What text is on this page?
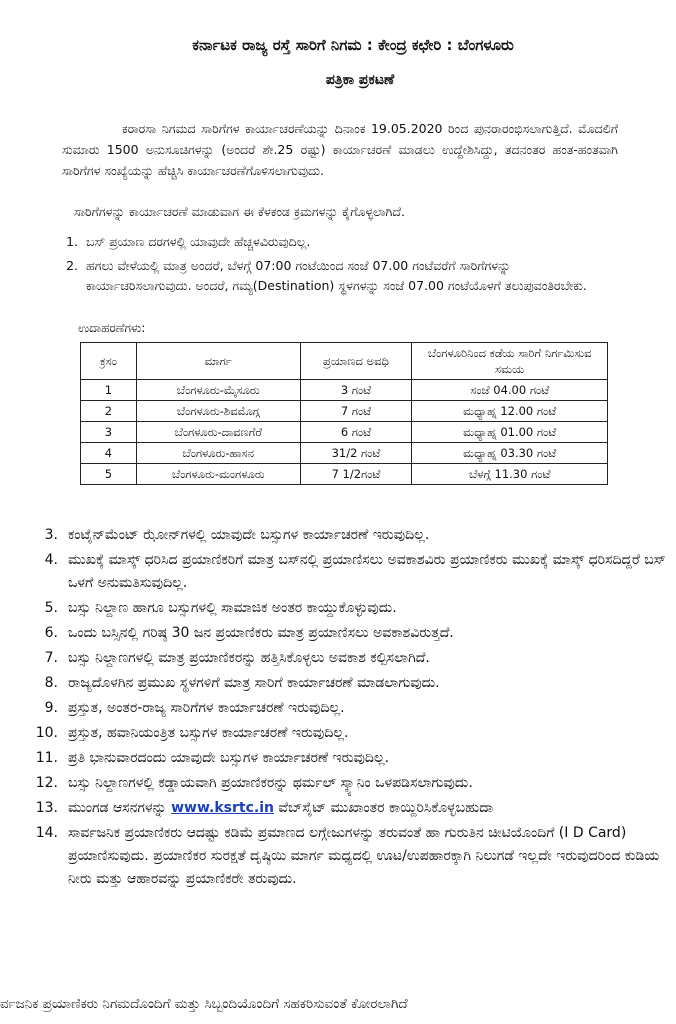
ಕರ್ನಾಟಕ ರಾಜ್ಯ ರಸ್ತೆ ಸಾರಿಗೆ ನಿಗಮ : ಕೇಂದ್ರ ಕಛೇರಿ : ಬೆಂಗಳೂರು
ಪತ್ರಿಕಾ ಪ್ರಕಟಣೆ
ಕರಾರಸಾ ನಿಗಮದ ಸಾರಿಗೆಗಳ ಕಾರ್ಯಾಚರಣೆಯನ್ನು ದಿನಾಂಕ 19.05.2020 ರಿಂದ ಪುನರಾರಂಭಿಸಲಾಗುತ್ತಿದೆ. ಮೊದಲಿಗೆ ಸುಮಾರು 1500 ಅನುಸೂಚಿಗಳನ್ನು (ಅಂದರೆ ಶೇ.25 ರಷ್ಟು) ಕಾರ್ಯಾಚರಣೆ ಮಾಡಲು ಉದ್ದೇಶಿಸಿದ್ದು, ತದನಂತರ ಹಂತ-ಹಂತವಾಗಿ ಸಾರಿಗೆಗಳ ಸಂಖ್ಯೆಯನ್ನು ಹೆಚ್ಚಿಸಿ ಕಾರ್ಯಾಚರಣೆಗೊಳಿಸಲಾಗುವುದು.
ಸಾರಿಗೆಗಳನ್ನು ಕಾರ್ಯಾಚರಣೆ ಮಾಡುವಾಗ ಈ ಕೆಳಕಂಡ ಕ್ರಮಗಳನ್ನು ಕೈಗೊಳ್ಳಲಾಗಿದೆ.
1. ಬಸ್ ಪ್ರಯಾಣ ದರಗಳಲ್ಲಿ ಯಾವುದೇ ಹೆಚ್ಚಳವಿರುವುದಿಲ್ಲ.
2. ಹಗಲು ವೇಳೆಯಲ್ಲಿ ಮಾತ್ರ ಅಂದರೆ, ಬೆಳಗ್ಗೆ 07:00 ಗಂಟೆಯಿಂದ ಸಂಜೆ 07.00 ಗಂಟೆವರೆಗೆ ಸಾರಿಗೆಗಳನ್ನು ಕಾರ್ಯಾಚರಿಸಲಾಗುವುದು. ಅಂದರೆ, ಗಮ್ಯ(Destination) ಸ್ಥಳಗಳನ್ನು ಸಂಜೆ 07.00 ಗಂಟೆಯೊಳಗೆ ತಲುಪುವಂತಿರಬೇಕು.
ಉದಾಹರಣೆಗಳು:
ಕ್ರಸಂ	ಮಾರ್ಗ	ಪ್ರಯಾಣದ ಅವಧಿ	ಬೆಂಗಳೂರಿನಿಂದ ಕಡೆಯ ಸಾರಿಗೆ ನಿರ್ಗಮಿಸುವ ಸಮಯ
1	ಬೆಂಗಳೂರು-ಮೈಸೂರು	3 ಗಂಟೆ	ಸಂಜೆ 04.00 ಗಂಟೆ
2	ಬೆಂಗಳೂರು-ಶಿವಮೊಗ್ಗ	7 ಗಂಟೆ	ಮಧ್ಯಾಹ್ನ 12.00 ಗಂಟೆ
3	ಬೆಂಗಳೂರು-ದಾವಣಗೆರೆ	6 ಗಂಟೆ	ಮಧ್ಯಾಹ್ನ 01.00 ಗಂಟೆ
4	ಬೆಂಗಳೂರು-ಹಾಸನ	31/2 ಗಂಟೆ	ಮಧ್ಯಾಹ್ನ 03.30 ಗಂಟೆ
5	ಬೆಂಗಳೂರು-ಮಂಗಳೂರು	7 1/2ಗಂಟೆ	ಬೆಳಗ್ಗೆ 11.30 ಗಂಟೆ
3. ಕಂಟೈನ್‌ಮೆಂಟ್ ಝೋನ್‌ಗಳಲ್ಲಿ ಯಾವುದೇ ಬಸ್ಸುಗಳ ಕಾರ್ಯಾಚರಣೆ ಇರುವುದಿಲ್ಲ.
4. ಮುಖಕ್ಕೆ ಮಾಸ್ಕ್ ಧರಿಸಿದ ಪ್ರಯಾಣಿಕರಿಗೆ ಮಾತ್ರ ಬಸ್‌ನಲ್ಲಿ ಪ್ರಯಾಣಿಸಲು ಅವಕಾಶವಿರು ಪ್ರಯಾಣಿಕರು ಮುಖಕ್ಕೆ ಮಾಸ್ಕ್ ಧರಿಸದಿದ್ದರೆ ಬಸ್ ಒಳಗೆ ಅನುಮತಿಸುವುದಿಲ್ಲ.
5. ಬಸ್ಸು ನಿಲ್ದಾಣ ಹಾಗೂ ಬಸ್ಸುಗಳಲ್ಲಿ ಸಾಮಾಜಿಕ ಅಂತರ ಕಾಯ್ದುಕೊಳ್ಳುವುದು.
6. ಒಂದು ಬಸ್ಸಿನಲ್ಲಿ ಗರಿಷ್ಠ 30 ಜನ ಪ್ರಯಾಣಿಕರು ಮಾತ್ರ ಪ್ರಯಾಣಿಸಲು ಅವಕಾಶವಿರುತ್ತದೆ.
7. ಬಸ್ಸು ನಿಲ್ದಾಣಗಳಲ್ಲಿ ಮಾತ್ರ ಪ್ರಯಾಣಿಕರನ್ನು ಹತ್ತಿಸಿಕೊಳ್ಳಲು ಅವಕಾಶ ಕಲ್ಪಿಸಲಾಗಿದೆ.
8. ರಾಜ್ಯದೊಳಗಿನ ಪ್ರಮುಖ ಸ್ಥಳಗಳಿಗೆ ಮಾತ್ರ ಸಾರಿಗೆ ಕಾರ್ಯಾಚರಣೆ ಮಾಡಲಾಗುವುದು.
9. ಪ್ರಸ್ತುತ, ಅಂತರ-ರಾಜ್ಯ ಸಾರಿಗೆಗಳ ಕಾರ್ಯಾಚರಣೆ ಇರುವುದಿಲ್ಲ.
10. ಪ್ರಸ್ತುತ, ಹವಾನಿಯಂತ್ರಿತ ಬಸ್ಸುಗಳ ಕಾರ್ಯಾಚರಣೆ ಇರುವುದಿಲ್ಲ.
11. ಪ್ರತಿ ಭಾನುವಾರದಂದು ಯಾವುದೇ ಬಸ್ಸುಗಳ ಕಾರ್ಯಾಚರಣೆ ಇರುವುದಿಲ್ಲ.
12. ಬಸ್ಸು ನಿಲ್ದಾಣಗಳಲ್ಲಿ ಕಡ್ಡಾಯವಾಗಿ ಪ್ರಯಾಣಿಕರನ್ನು ಥರ್ಮಲ್ ಸ್ಕ್ಯಾನಿಂ ಒಳಪಡಿಸಲಾಗುವುದು.
13. ಮುಂಗಡ ಆಸನಗಳನ್ನು www.ksrtc.in ವೆಬ್‌ಸೈಟ್ ಮುಖಾಂತರ ಕಾಯ್ದಿರಿಸಿಕೊಳ್ಳಬಹುದಾ
14. ಸಾರ್ವಜನಿಕ ಪ್ರಯಾಣಿಕರು ಆದಷ್ಟು ಕಡಿಮೆ ಪ್ರಮಾಣದ ಲಗ್ಗೇಜುಗಳನ್ನು ತರುವಂತೆ ಹಾ ಗುರುತಿನ ಚೀಟಿಯೊಂದಿಗೆ (I D Card) ಪ್ರಯಾಣಿಸುವುದು. ಪ್ರಯಾಣಿಕರ ಸುರಕ್ಷತೆ ದೃಷ್ಠಿಯಿ ಮಾರ್ಗ ಮಧ್ಯದಲ್ಲಿ ಊಟ/ಉಪಹಾರಕ್ಕಾಗಿ ನಿಲುಗಡೆ ಇಲ್ಲದೇ ಇರುವುದರಿಂದ ಕುಡಿಯ ನೀರು ಮತ್ತು ಆಹಾರವನ್ನು ಪ್ರಯಾಣಿಕರೇ ತರುವುದು.
ರ್ವಜನಿಕ ಪ್ರಯಾಣಿಕರು ನಿಗಮದೊಂದಿಗೆ ಮತ್ತು ಸಿಬ್ಬಂದಿಯೊಂದಿಗೆ ಸಹಕರಿಸುವಂತೆ ಕೋರಲಾಗಿದೆ
